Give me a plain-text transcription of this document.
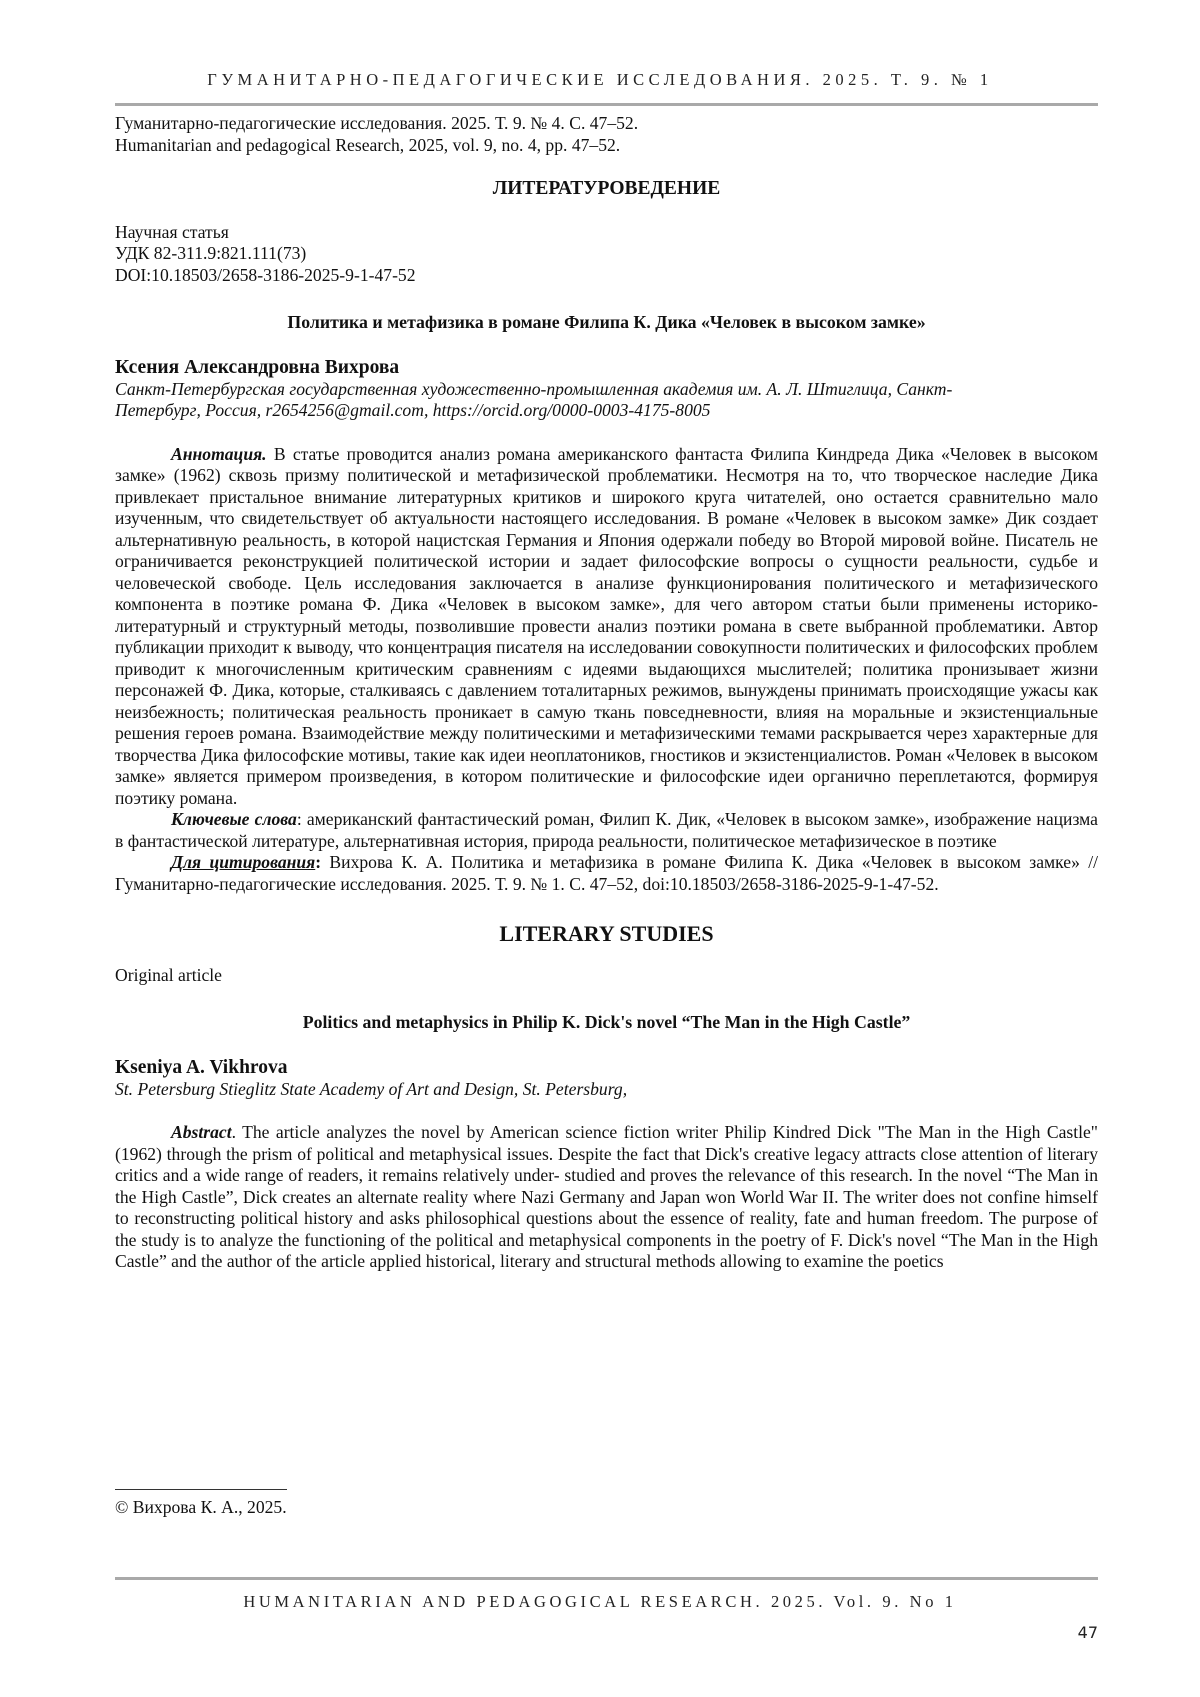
ГУМАНИТАРНО-ПЕДАГОГИЧЕСКИЕ ИССЛЕДОВАНИЯ. 2025. Т. 9. № 1
Гуманитарно-педагогические исследования. 2025. Т. 9. № 4. С. 47–52.
Humanitarian and pedagogical Research, 2025, vol. 9, no. 4, pp. 47–52.
ЛИТЕРАТУРОВЕДЕНИЕ
Научная статья
УДК 82-311.9:821.111(73)
DOI:10.18503/2658-3186-2025-9-1-47-52
Политика и метафизика в романе Филипа К. Дика «Человек в высоком замке»
Ксения Александровна Вихрова
Санкт-Петербургская государственная художественно-промышленная академия им. А. Л. Штиглица, Санкт-
Петербург, Россия, r2654256@gmail.com, https://orcid.org/0000-0003-4175-8005
Аннотация. В статье проводится анализ романа американского фантаста Филипа Киндреда Дика «Человек в высоком замке» (1962) сквозь призму политической и метафизической проблематики. Несмотря на то, что творческое наследие Дика привлекает пристальное внимание литературных критиков и широкого круга читателей, оно остается сравнительно мало изученным, что свидетельствует об актуальности настоящего исследования. В романе «Человек в высоком замке» Дик создает альтернативную реальность, в которой нацистская Германия и Япония одержали победу во Второй мировой войне. Писатель не ограничивается реконструкцией политической истории и задает философские вопросы о сущности реальности, судьбе и человеческой свободе. Цель исследования заключается в анализе функционирования политического и метафизического компонента в поэтике романа Ф. Дика «Человек в высоком замке», для чего автором статьи были применены историко-литературный и структурный методы, позволившие провести анализ поэтики романа в свете выбранной проблематики. Автор публикации приходит к выводу, что концентрация писателя на исследовании совокупности политических и философских проблем приводит к многочисленным критическим сравнениям с идеями выдающихся мыслителей; политика пронизывает жизни персонажей Ф. Дика, которые, сталкиваясь с давлением тоталитарных режимов, вынуждены принимать происходящие ужасы как неизбежность; политическая реальность проникает в самую ткань повседневности, влияя на моральные и экзистенциальные решения героев романа. Взаимодействие между политическими и метафизическими темами раскрывается через характерные для творчества Дика философские мотивы, такие как идеи неоплатоников, гностиков и экзистенциалистов. Роман «Человек в высоком замке» является примером произведения, в котором политические и философские идеи органично переплетаются, формируя поэтику романа.
Ключевые слова: американский фантастический роман, Филип К. Дик, «Человек в высоком замке», изображение нацизма в фантастической литературе, альтернативная история, природа реальности, политическое метафизическое в поэтике
Для цитирования: Вихрова К. А. Политика и метафизика в романе Филипа К. Дика «Человек в высоком замке» // Гуманитарно-педагогические исследования. 2025. Т. 9. № 1. С. 47–52, doi:10.18503/2658-3186-2025-9-1-47-52.
LITERARY STUDIES
Original article
Politics and metaphysics in Philip K. Dick's novel “The Man in the High Castle”
Kseniya A. Vikhrova
St. Petersburg Stieglitz State Academy of Art and Design, St. Petersburg,
Abstract. The article analyzes the novel by American science fiction writer Philip Kindred Dick "The Man in the High Castle" (1962) through the prism of political and metaphysical issues. Despite the fact that Dick's creative legacy attracts close attention of literary critics and a wide range of readers, it remains relatively under- studied and proves the relevance of this research. In the novel “The Man in the High Castle”, Dick creates an alternate reality where Nazi Germany and Japan won World War II. The writer does not confine himself to reconstructing political history and asks philosophical questions about the essence of reality, fate and human freedom. The purpose of the study is to analyze the functioning of the political and metaphysical components in the poetry of F. Dick's novel “The Man in the High Castle” and the author of the article applied historical, literary and structural methods allowing to examine the poetics
© Вихрова К. А., 2025.
HUMANITARIAN AND PEDAGOGICAL RESEARCH. 2025. Vol. 9. No 1
47
